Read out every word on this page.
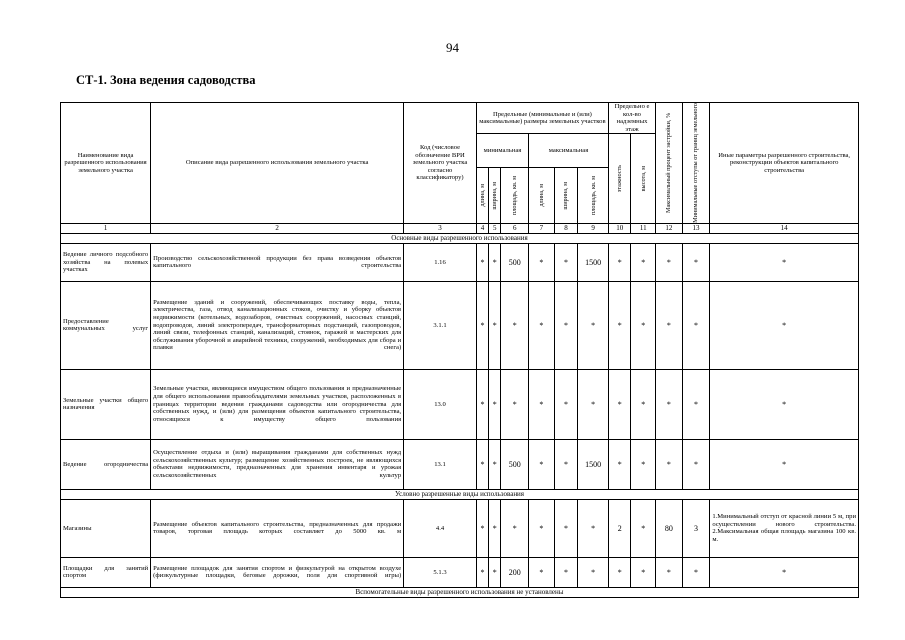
94
СТ-1. Зона ведения садоводства
Наименование вида разрешенного использования земельного участка	Описание вида разрешенного использования земельного участка	Код (числовое обозначение ВРИ земельного участка согласно классификатору)	Предельные (минимальные и (или) максимальные) размеры земельных участков						Предельно е кол-во надземных этаж		Максимальный процент застройки, %	Минимальные отступы от границ земельного	Иные параметры разрешенного строительства, реконструкции объектов капитального строительства
			минимальная			максимальная			этажность	высота, м			

			длина, м	ширина, м	площадь, кв. м	длина, м	ширина, м	площадь, кв. м					

1	2	3	4	5	6	7	8	9	10	11	12	13	14
Основные виды разрешенного использования													
Ведение личного подсобного хозяйства на полевых участках	Производство сельскохозяйственной продукции без права возведения объектов капитального строительства	1.16	*	*	500	*	*	1500	*	*	*	*	*
Предоставление коммунальных услуг	Размещение зданий и сооружений, обеспечивающих поставку воды, тепла, электричества, газа, отвод канализационных стоков, очистку и уборку объектов недвижимости (котельных, водозаборов, очистных сооружений, насосных станций, водопроводов, линий электропередач, трансформаторных подстанций, газопроводов, линий связи, телефонных станций, канализаций, стоянок, гаражей и мастерских для обслуживания уборочной и аварийной техники, сооружений, необходимых для сбора и плавки снега)	3.1.1	*	*	*	*	*	*	*	*	*	*	*
Земельные участки общего назначения	Земельные участки, являющиеся имуществом общего пользования и предназначенные для общего использования правообладателями земельных участков, расположенных в границах территории ведения гражданами садоводства или огородничества для собственных нужд, и (или) для размещения объектов капитального строительства, относящихся к имуществу общего пользования	13.0	*	*	*	*	*	*	*	*	*	*	*
Ведение огородничества	Осуществление отдыха и (или) выращивания гражданами для собственных нужд сельскохозяйственных культур; размещение хозяйственных построек, не являющихся объектами недвижимости, предназначенных для хранения инвентаря и урожая сельскохозяйственных культур	13.1	*	*	500	*	*	1500	*	*	*	*	*
Условно разрешенные виды использования													
Магазины	Размещение объектов капитального строительства, предназначенных для продажи товаров, торговая площадь которых составляет до 5000 кв. м	4.4	*	*	*	*	*	*	2	*	80	3	1.Минимальный отступ от красной линии 5 м, при осуществлении нового строительства. 2.Максимальная общая площадь магазина 100 кв. м.
Площадки для занятий спортом	Размещение площадок для занятия спортом и физкультурой на открытом воздухе (физкультурные площадки, беговые дорожки, поля для спортивной игры)	5.1.3	*	*	200	*	*	*	*	*	*	*	*
Вспомогательные виды разрешенного использования не установлены													
